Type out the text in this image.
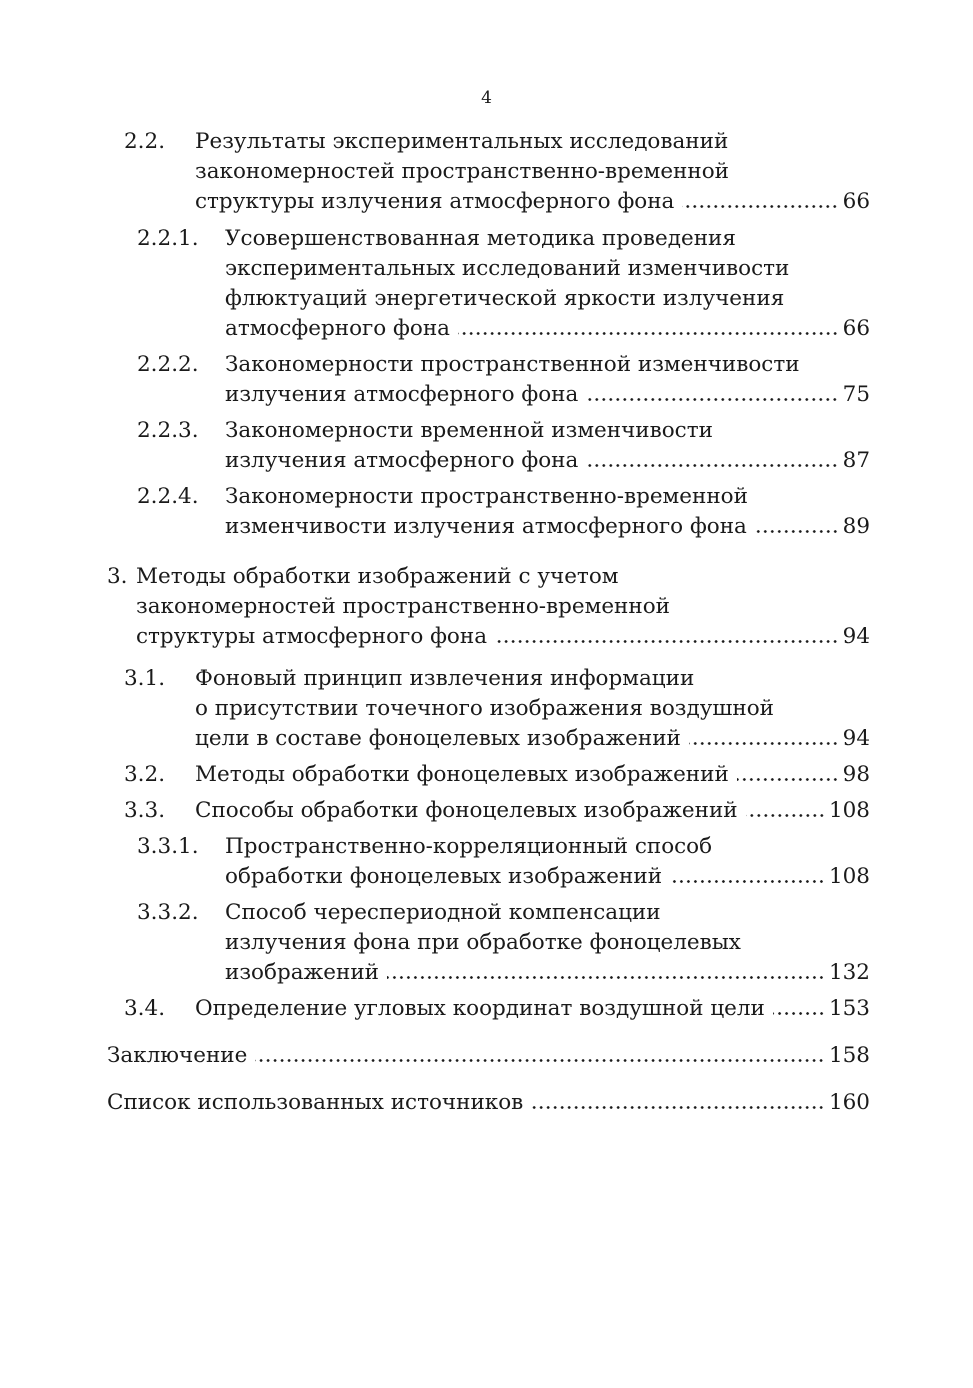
4
2.2. Результаты экспериментальных исследований
закономерностей пространственно-временной
структуры излучения атмосферного фона	66
2.2.1. Усовершенствованная методика проведения
экспериментальных исследований изменчивости
флюктуаций энергетической яркости излучения
атмосферного фона	66
2.2.2. Закономерности пространственной изменчивости
излучения атмосферного фона	75
2.2.3. Закономерности временной изменчивости
излучения атмосферного фона	87
2.2.4. Закономерности пространственно-временной
изменчивости излучения атмосферного фона	89
3. Методы обработки изображений с учетом
закономерностей пространственно-временной
структуры атмосферного фона	94
3.1. Фоновый принцип извлечения информации
о присутствии точечного изображения воздушной
цели в составе фоноцелевых изображений	94
3.2. Методы обработки фоноцелевых изображений	98
3.3. Способы обработки фоноцелевых изображений	108
3.3.1. Пространственно-корреляционный способ
обработки фоноцелевых изображений	108
3.3.2. Способ черeспериодной компенсации
излучения фона при обработке фоноцелевых
изображений	132
3.4. Определение угловых координат воздушной цели	153
Заключение	158
Список использованных источников	160
